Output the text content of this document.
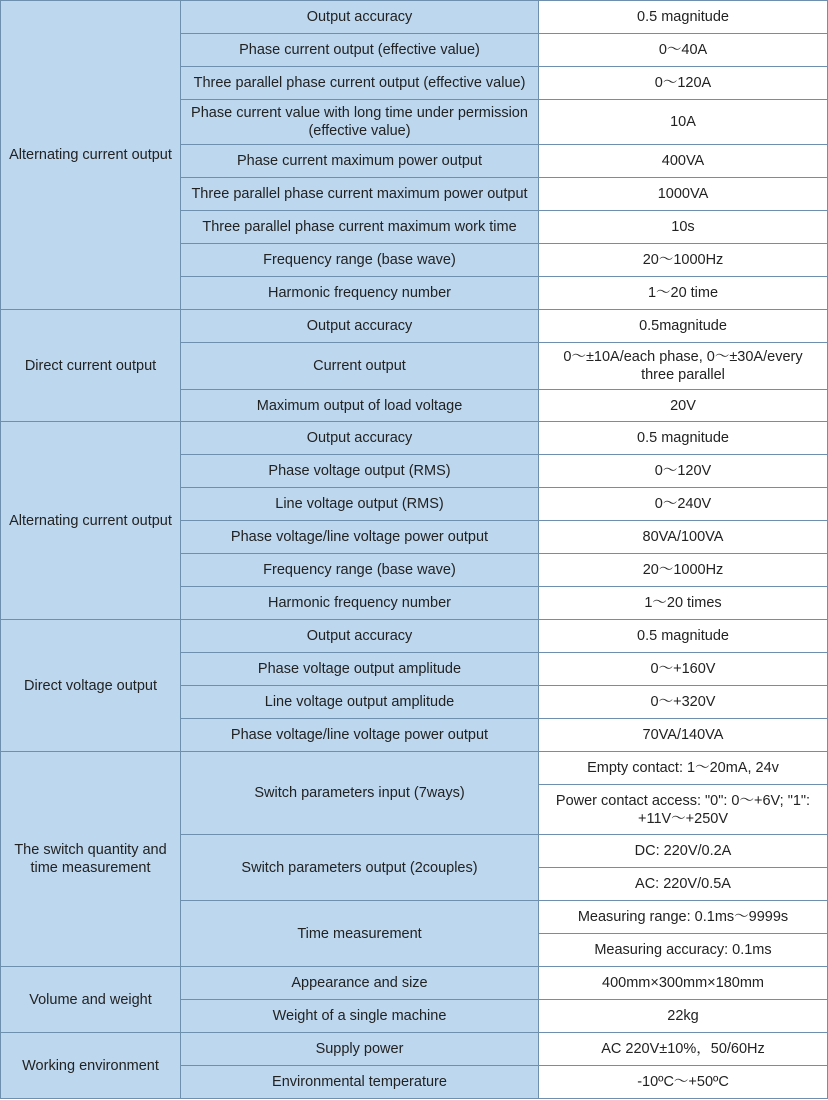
Alternating current output	Output accuracy	0.5 magnitude
	Phase current output (effective value)	0～40A
	Three parallel phase current output (effective value)	0～120A
	Phase current value with long time under permission (effective value)	10A
	Phase current maximum power output	400VA
	Three parallel phase current maximum power output	1000VA
	Three parallel phase current maximum work time	10s
	Frequency range (base wave)	20～1000Hz
	Harmonic frequency number	1～20 time
Direct current output	Output accuracy	0.5magnitude
	Current output	0～±10A/each phase, 0～±30A/every three parallel
	Maximum output of load voltage	20V
Alternating current output	Output accuracy	0.5 magnitude
	Phase voltage output (RMS)	0～120V
	Line voltage output (RMS)	0～240V
	Phase voltage/line voltage power output	80VA/100VA
	Frequency range (base wave)	20～1000Hz
	Harmonic frequency number	1～20 times
Direct voltage output	Output accuracy	0.5 magnitude
	Phase voltage output amplitude	0～+160V
	Line voltage output amplitude	0～+320V
	Phase voltage/line voltage power output	70VA/140VA
The switch quantity and time measurement	Switch parameters input (7ways)	Empty contact: 1～20mA, 24v
		Power contact access: "0": 0～+6V; "1": +11V～+250V
	Switch parameters output (2couples)	DC: 220V/0.2A
		AC: 220V/0.5A
	Time measurement	Measuring range: 0.1ms～9999s
		Measuring accuracy: 0.1ms
Volume and weight	Appearance and size	400mm×300mm×180mm
	Weight of a single machine	22kg
Working environment	Supply power	AC 220V±10%，50/60Hz
	Environmental temperature	-10ºC～+50ºC
